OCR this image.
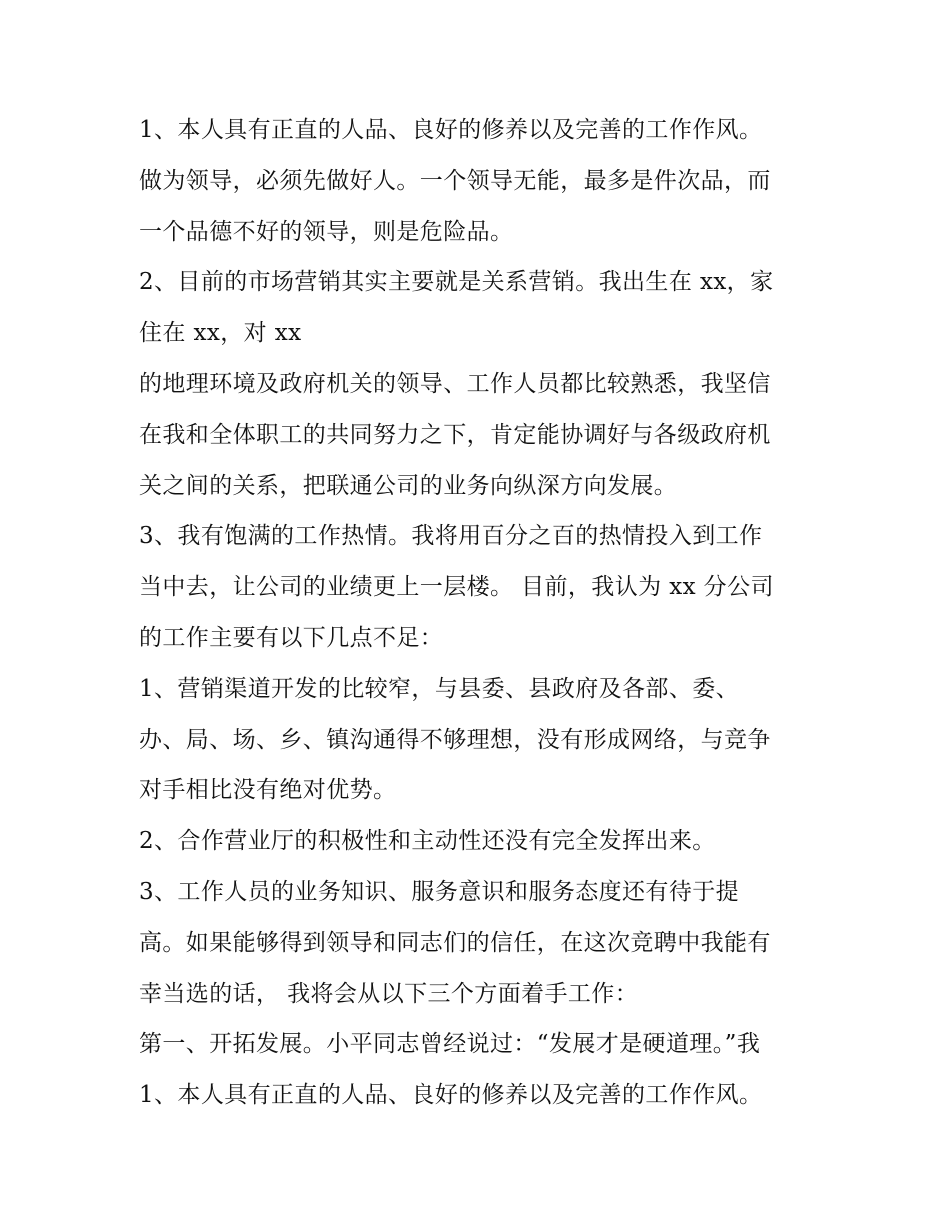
1、本人具有正直的人品、良好的修养以及完善的工作作风。
做为领导，必须先做好人。一个领导无能，最多是件次品，而
一个品德不好的领导，则是危险品。
2、目前的市场营销其实主要就是关系营销。我出生在 xx，家
住在 xx，对 xx
的地理环境及政府机关的领导、工作人员都比较熟悉，我坚信
在我和全体职工的共同努力之下，肯定能协调好与各级政府机
关之间的关系，把联通公司的业务向纵深方向发展。
3、我有饱满的工作热情。我将用百分之百的热情投入到工作
当中去，让公司的业绩更上一层楼。 目前，我认为 xx 分公司
的工作主要有以下几点不足：
1、营销渠道开发的比较窄，与县委、县政府及各部、委、
办、局、场、乡、镇沟通得不够理想，没有形成网络，与竞争
对手相比没有绝对优势。
2、合作营业厅的积极性和主动性还没有完全发挥出来。
3、工作人员的业务知识、服务意识和服务态度还有待于提
高。如果能够得到领导和同志们的信任，在这次竞聘中我能有
幸当选的话， 我将会从以下三个方面着手工作：
第一、开拓发展。小平同志曾经说过：“发展才是硬道理。”我
1、本人具有正直的人品、良好的修养以及完善的工作作风。
